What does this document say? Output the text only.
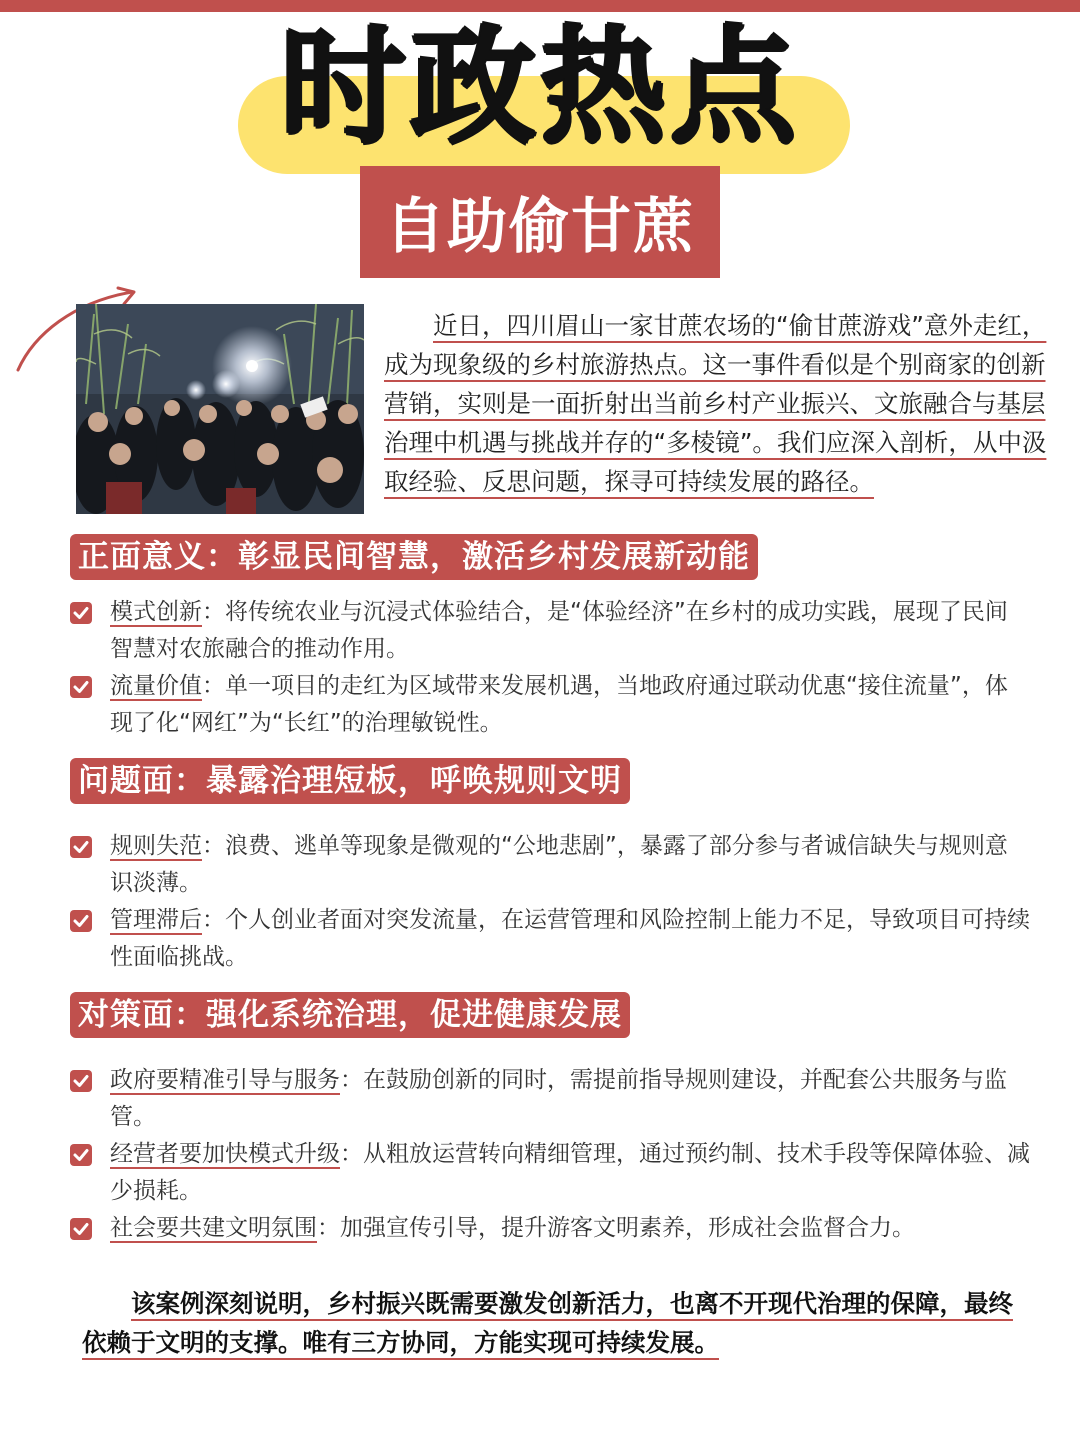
时政热点
自助偷甘蔗

近日，四川眉山一家甘蔗农场的“偷甘蔗游戏”意外走红，成为现象级的乡村旅游热点。这一事件看似是个别商家的创新营销，实则是一面折射出当前乡村产业振兴、文旅融合与基层治理中机遇与挑战并存的“多棱镜”。我们应深入剖析，从中汲取经验、反思问题，探寻可持续发展的路径。

正面意义：彰显民间智慧，激活乡村发展新动能
模式创新：将传统农业与沉浸式体验结合，是“体验经济”在乡村的成功实践，展现了民间智慧对农旅融合的推动作用。
流量价值：单一项目的走红为区域带来发展机遇，当地政府通过联动优惠“接住流量”，体现了化“网红”为“长红”的治理敏锐性。
问题面：暴露治理短板，呼唤规则文明
规则失范：浪费、逃单等现象是微观的“公地悲剧”，暴露了部分参与者诚信缺失与规则意识淡薄。
管理滞后：个人创业者面对突发流量，在运营管理和风险控制上能力不足，导致项目可持续性面临挑战。
对策面：强化系统治理，促进健康发展
政府要精准引导与服务：在鼓励创新的同时，需提前指导规则建设，并配套公共服务与监管。
经营者要加快模式升级：从粗放运营转向精细管理，通过预约制、技术手段等保障体验、减少损耗。
社会要共建文明氛围：加强宣传引导，提升游客文明素养，形成社会监督合力。

该案例深刻说明，乡村振兴既需要激发创新活力，也离不开现代治理的保障，最终依赖于文明的支撑。唯有三方协同，方能实现可持续发展。
